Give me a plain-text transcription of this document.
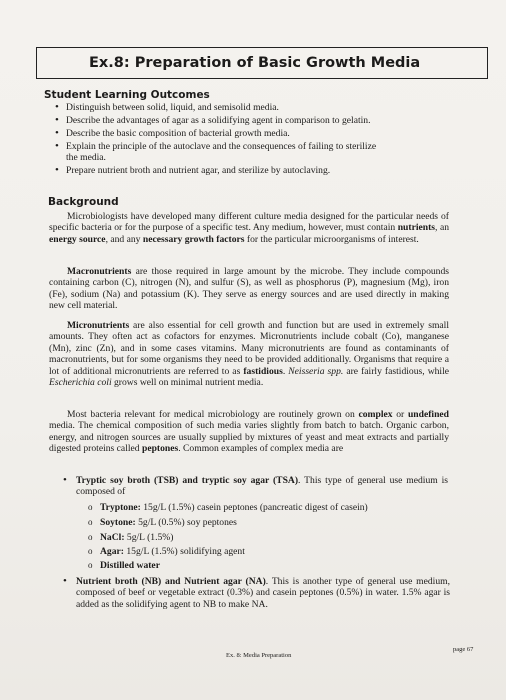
Ex.8: Preparation of Basic Growth Media
Student Learning Outcomes
• Distinguish between solid, liquid, and semisolid media.
• Describe the advantages of agar as a solidifying agent in comparison to gelatin.
• Describe the basic composition of bacterial growth media.
• Explain the principle of the autoclave and the consequences of failing to sterilize
the media.
• Prepare nutrient broth and nutrient agar, and sterilize by autoclaving.
Background
Microbiologists have developed many different culture media designed for the particular needs of specific bacteria or for the purpose of a specific test. Any medium, however, must contain nutrients, an energy source, and any necessary growth factors for the particular microorganisms of interest.
Macronutrients are those required in large amount by the microbe. They include compounds containing carbon (C), nitrogen (N), and sulfur (S), as well as phosphorus (P), magnesium (Mg), iron (Fe), sodium (Na) and potassium (K). They serve as energy sources and are used directly in making new cell material.
Micronutrients are also essential for cell growth and function but are used in extremely small amounts. They often act as cofactors for enzymes. Micronutrients include cobalt (Co), manganese (Mn), zinc (Zn), and in some cases vitamins. Many micronutrients are found as contaminants of macronutrients, but for some organisms they need to be provided additionally. Organisms that require a lot of additional micronutrients are referred to as fastidious. Neisseria spp. are fairly fastidious, while Escherichia coli grows well on minimal nutrient media.
Most bacteria relevant for medical microbiology are routinely grown on complex or undefined media. The chemical composition of such media varies slightly from batch to batch. Organic carbon, energy, and nitrogen sources are usually supplied by mixtures of yeast and meat extracts and partially digested proteins called peptones. Common examples of complex media are
• Tryptic soy broth (TSB) and tryptic soy agar (TSA). This type of general use medium is composed of
o Tryptone: 15g/L (1.5%) casein peptones (pancreatic digest of casein)
o Soytone: 5g/L (0.5%) soy peptones
o NaCl: 5g/L (1.5%)
o Agar: 15g/L (1.5%) solidifying agent
o Distilled water
• Nutrient broth (NB) and Nutrient agar (NA). This is another type of general use medium, composed of beef or vegetable extract (0.3%) and casein peptones (0.5%) in water. 1.5% agar is added as the solidifying agent to NB to make NA.
Ex. 8: Media Preparation
page 67
